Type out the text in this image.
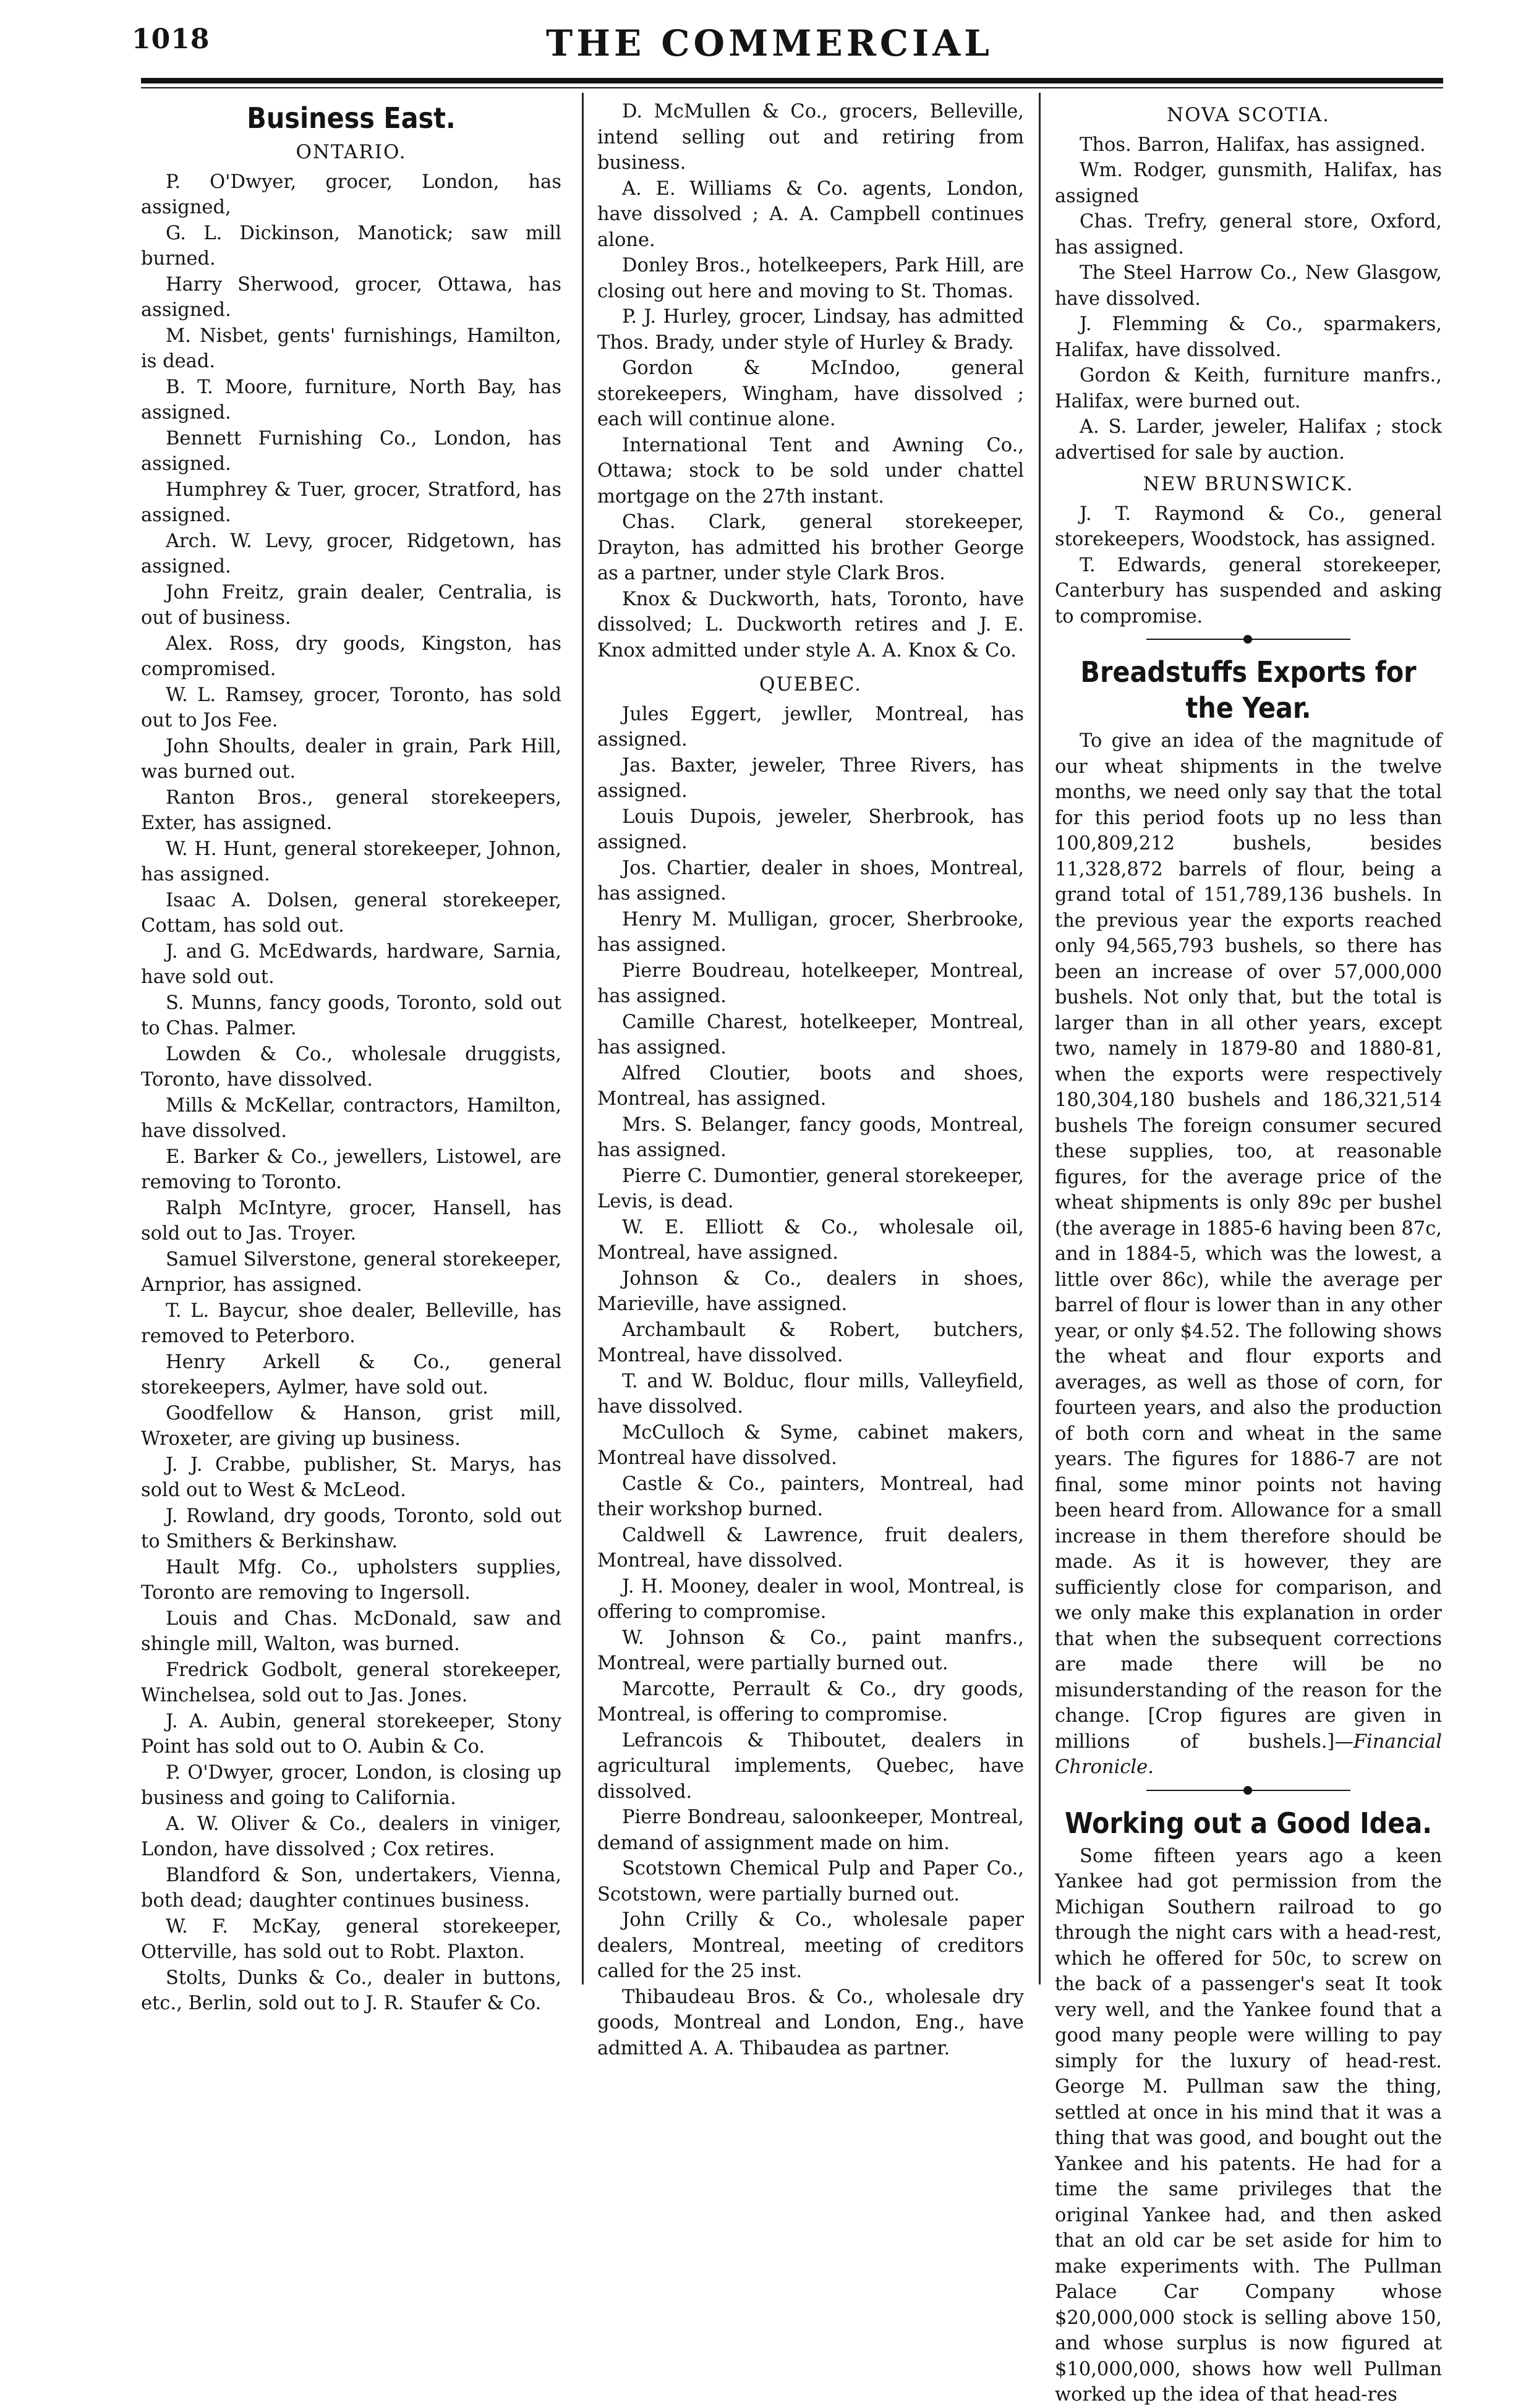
1018	THE COMMERCIAL
Business East.
ONTARIO.

P. O'Dwyer, grocer, London, has assigned,

G. L. Dickinson, Manotick; saw mill burned.

Harry Sherwood, grocer, Ottawa, has assigned.

M. Nisbet, gents' furnishings, Hamilton, is dead.

B. T. Moore, furniture, North Bay, has assigned.

Bennett Furnishing Co., London, has assigned.

Humphrey & Tuer, grocer, Stratford, has assigned.

Arch. W. Levy, grocer, Ridgetown, has assigned.

John Freitz, grain dealer, Centralia, is out of business.

Alex. Ross, dry goods, Kingston, has compromised.

W. L. Ramsey, grocer, Toronto, has sold out to Jos Fee.

John Shoults, dealer in grain, Park Hill, was burned out.

Ranton Bros., general storekeepers, Exter, has assigned.

W. H. Hunt, general storekeeper, Johnon, has assigned.

Isaac A. Dolsen, general storekeeper, Cottam, has sold out.

J. and G. McEdwards, hardware, Sarnia, have sold out.

S. Munns, fancy goods, Toronto, sold out to Chas. Palmer.

Lowden & Co., wholesale druggists, Toronto, have dissolved.

Mills & McKellar, contractors, Hamilton, have dissolved.

E. Barker & Co., jewellers, Listowel, are removing to Toronto.

Ralph McIntyre, grocer, Hansell, has sold out to Jas. Troyer.

Samuel Silverstone, general storekeeper, Arnprior, has assigned.

T. L. Baycur, shoe dealer, Belleville, has removed to Peterboro.

Henry Arkell & Co., general storekeepers, Aylmer, have sold out.

Goodfellow & Hanson, grist mill, Wroxeter, are giving up business.

J. J. Crabbe, publisher, St. Marys, has sold out to West & McLeod.

J. Rowland, dry goods, Toronto, sold out to Smithers & Berkinshaw.

Hault Mfg. Co., upholsters supplies, Toronto are removing to Ingersoll.

Louis and Chas. McDonald, saw and shingle mill, Walton, was burned.

Fredrick Godbolt, general storekeeper, Winchelsea, sold out to Jas. Jones.

J. A. Aubin, general storekeeper, Stony Point has sold out to O. Aubin & Co.

P. O'Dwyer, grocer, London, is closing up business and going to California.

A. W. Oliver & Co., dealers in viniger, London, have dissolved ; Cox retires.

Blandford & Son, undertakers, Vienna, both dead; daughter continues business.

W. F. McKay, general storekeeper, Otterville, has sold out to Robt. Plaxton.

Stolts, Dunks & Co., dealer in buttons, etc., Berlin, sold out to J. R. Staufer & Co.

D. McMullen & Co., grocers, Belleville, intend selling out and retiring from business.

A. E. Williams & Co. agents, London, have dissolved ; A. A. Campbell continues alone.

Donley Bros., hotelkeepers, Park Hill, are closing out here and moving to St. Thomas.

P. J. Hurley, grocer, Lindsay, has admitted Thos. Brady, under style of Hurley & Brady.

Gordon & McIndoo, general storekeepers, Wingham, have dissolved ; each will continue alone.

International Tent and Awning Co., Ottawa; stock to be sold under chattel mortgage on the 27th instant.

Chas. Clark, general storekeeper, Drayton, has admitted his brother George as a partner, under style Clark Bros.

Knox & Duckworth, hats, Toronto, have dissolved; L. Duckworth retires and J. E. Knox admitted under style A. A. Knox & Co.

QUEBEC.

Jules Eggert, jewller, Montreal, has assigned.

Jas. Baxter, jeweler, Three Rivers, has assigned.

Louis Dupois, jeweler, Sherbrook, has assigned.

Jos. Chartier, dealer in shoes, Montreal, has assigned.

Henry M. Mulligan, grocer, Sherbrooke, has assigned.

Pierre Boudreau, hotelkeeper, Montreal, has assigned.

Camille Charest, hotelkeeper, Montreal, has assigned.

Alfred Cloutier, boots and shoes, Montreal, has assigned.

Mrs. S. Belanger, fancy goods, Montreal, has assigned.

Pierre C. Dumontier, general storekeeper, Levis, is dead.

W. E. Elliott & Co., wholesale oil, Montreal, have assigned.

Johnson & Co., dealers in shoes, Marieville, have assigned.

Archambault & Robert, butchers, Montreal, have dissolved.

T. and W. Bolduc, flour mills, Valleyfield, have dissolved.

McCulloch & Syme, cabinet makers, Montreal have dissolved.

Castle & Co., painters, Montreal, had their workshop burned.

Caldwell & Lawrence, fruit dealers, Montreal, have dissolved.

J. H. Mooney, dealer in wool, Montreal, is offering to compromise.

W. Johnson & Co., paint manfrs., Montreal, were partially burned out.

Marcotte, Perrault & Co., dry goods, Montreal, is offering to compromise.

Lefrancois & Thiboutet, dealers in agricultural implements, Quebec, have dissolved.

Pierre Bondreau, saloonkeeper, Montreal, demand of assignment made on him.

Scotstown Chemical Pulp and Paper Co., Scotstown, were partially burned out.

John Crilly & Co., wholesale paper dealers, Montreal, meeting of creditors called for the 25 inst.

Thibaudeau Bros. & Co., wholesale dry goods, Montreal and London, Eng., have admitted A. A. Thibaudea as partner.

NOVA SCOTIA.

Thos. Barron, Halifax, has assigned.

Wm. Rodger, gunsmith, Halifax, has assigned

Chas. Trefry, general store, Oxford, has assigned.

The Steel Harrow Co., New Glasgow, have dissolved.

J. Flemming & Co., sparmakers, Halifax, have dissolved.

Gordon & Keith, furniture manfrs., Halifax, were burned out.

A. S. Larder, jeweler, Halifax ; stock advertised for sale by auction.

NEW BRUNSWICK.

J. T. Raymond & Co., general storekeepers, Woodstock, has assigned.

T. Edwards, general storekeeper, Canterbury has suspended and asking to compromise.

Breadstuffs Exports for the Year.

To give an idea of the magnitude of our wheat shipments in the twelve months, we need only say that the total for this period foots up no less than 100,809,212 bushels, besides 11,328,872 barrels of flour, being a grand total of 151,789,136 bushels. In the previous year the exports reached only 94,565,793 bushels, so there has been an increase of over 57,000,000 bushels. Not only that, but the total is larger than in all other years, except two, namely in 1879-80 and 1880-81, when the exports were respectively 180,304,180 bushels and 186,321,514 bushels The foreign consumer secured these supplies, too, at reasonable figures, for the average price of the wheat shipments is only 89c per bushel (the average in 1885-6 having been 87c, and in 1884-5, which was the lowest, a little over 86c), while the average per barrel of flour is lower than in any other year, or only $4.52. The following shows the wheat and flour exports and averages, as well as those of corn, for fourteen years, and also the production of both corn and wheat in the same years. The figures for 1886-7 are not final, some minor points not having been heard from. Allowance for a small increase in them therefore should be made. As it is however, they are sufficiently close for comparison, and we only make this explanation in order that when the subsequent corrections are made there will be no misunderstanding of the reason for the change. [Crop figures are given in millions of bushels.]—Financial Chronicle.

Working out a Good Idea.

Some fifteen years ago a keen Yankee had got permission from the Michigan Southern railroad to go through the night cars with a head-rest, which he offered for 50c, to screw on the back of a passenger's seat It took very well, and the Yankee found that a good many people were willing to pay simply for the luxury of head-rest. George M. Pullman saw the thing, settled at once in his mind that it was a thing that was good, and bought out the Yankee and his patents. He had for a time the same privileges that the original Yankee had, and then asked that an old car be set aside for him to make experiments with. The Pullman Palace Car Company whose $20,000,000 stock is selling above 150, and whose surplus is now figured at $10,000,000, shows how well Pullman worked up the idea of that head-res
